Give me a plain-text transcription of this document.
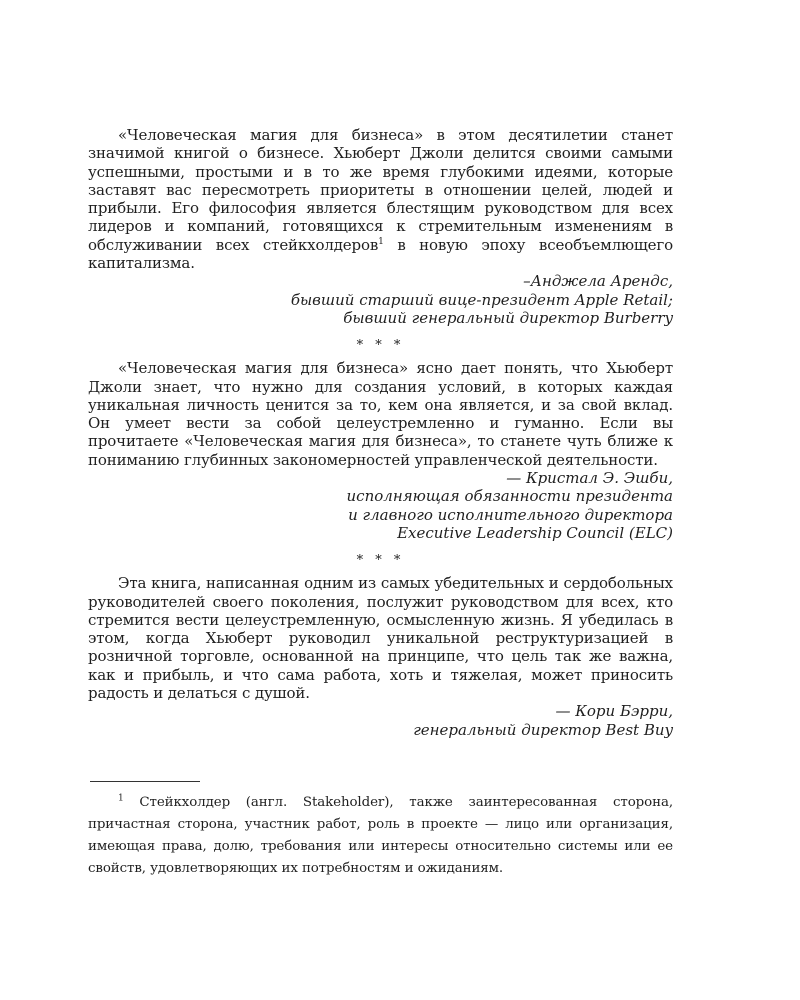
«Человеческая магия для бизнеса» в этом десятилетии станет значимой книгой о бизнесе. Хьюберт Джоли делится своими самыми успешными, простыми и в то же время глубокими идеями, которые заставят вас пересмотреть приоритеты в отношении целей, людей и прибыли. Его философия является блестящим руководством для всех лидеров и компаний, готовящихся к стремительным изменениям в обслуживании всех стейкхолдеров$^1$ в новую эпоху всеобъемлющего капитализма.

–Анджела Арендс,

бывший старший вице-президент Apple Retail;

бывший генеральный директор Burberry

* * *

«Человеческая магия для бизнеса» ясно дает понять, что Хьюберт Джоли знает, что нужно для создания условий, в которых каждая уникальная личность ценится за то, кем она является, и за свой вклад. Он умеет вести за собой целеустремленно и гуманно. Если вы прочитаете «Человеческая магия для бизнеса», то станете чуть ближе к пониманию глубинных закономерностей управленческой деятельности.

— Кристал Э. Эшби,

исполняющая обязанности президента

и главного исполнительного директора

Executive Leadership Council (ELC)

* * *

Эта книга, написанная одним из самых убедительных и сердобольных руководителей своего поколения, послужит руководством для всех, кто стремится вести целеустремленную, осмысленную жизнь. Я убедилась в этом, когда Хьюберт руководил уникальной реструктуризацией в розничной торговле, основанной на принципе, что цель так же важна, как и прибыль, и что сама работа, хоть и тяжелая, может приносить радость и делаться с душой.

— Кори Бэрри,

генеральный директор Best Buy

$^1$ Стейкхолдер (англ. Stakeholder), также заинтересованная сторона, причастная сторона, участник работ, роль в проекте — лицо или организация, имеющая права, долю, требования или интересы относительно системы или ее свойств, удовлетворяющих их потребностям и ожиданиям.
